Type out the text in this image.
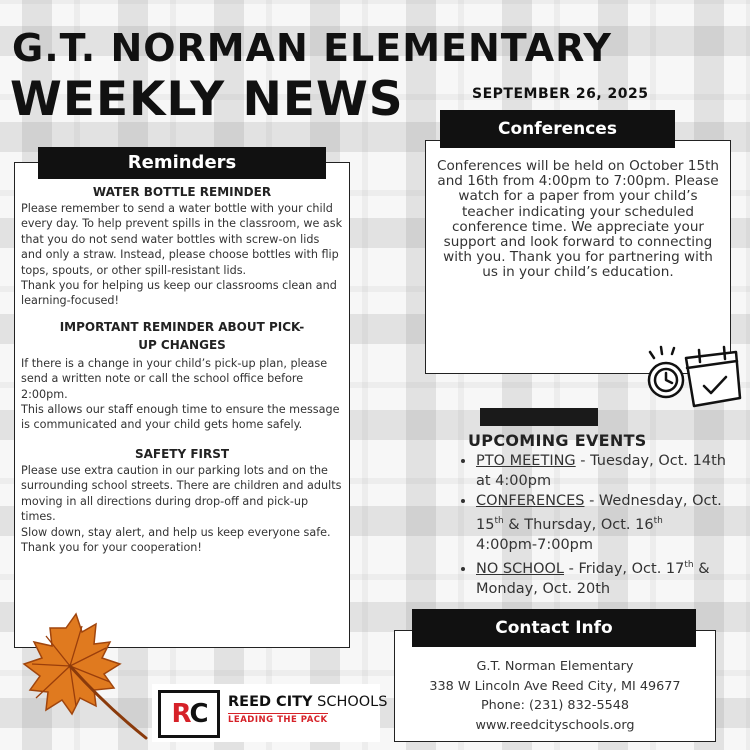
G.T. NORMAN ELEMENTARY
WEEKLY NEWS	SEPTEMBER 26, 2025

WATER BOTTLE REMINDER

Please remember to send a water bottle with your child every day. To help prevent spills in the classroom, we ask that you do not send water bottles with screw-on lids and only a straw. Instead, please choose bottles with flip tops, spouts, or other spill-resistant lids.

Thank you for helping us keep our classrooms clean and learning-focused!

IMPORTANT REMINDER ABOUT PICK-UP CHANGES

If there is a change in your child’s pick-up plan, please send a written note or call the school office before 2:00pm.

This allows our staff enough time to ensure the message is communicated and your child gets home safely.

SAFETY FIRST

Please use extra caution in our parking lots and on the surrounding school streets. There are children and adults moving in all directions during drop-off and pick-up times.

Slow down, stay alert, and help us keep everyone safe.

Thank you for your cooperation!

Reminders	Conferences will be held on October 15th and 16th from 4:00pm to 7:00pm. Please watch for a paper from your child’s teacher indicating your scheduled conference time. We appreciate your support and look forward to connecting with you. Thank you for partnering with us in your child’s education.

Conferences
UPCOMING EVENTS
• PTO MEETING - Tuesday, Oct. 14th at 4:00pm
• CONFERENCES - Wednesday, Oct. 15th & Thursday, Oct. 16th
4:00pm-7:00pm
• NO SCHOOL - Friday, Oct. 17th & Monday, Oct. 20th
G.T. Norman Elementary
338 W Lincoln Ave Reed City, MI 49677
Phone: (231) 832-5548
www.reedcityschools.org
Contact Info
RC	REED CITY SCHOOLS
LEADING THE PACK
